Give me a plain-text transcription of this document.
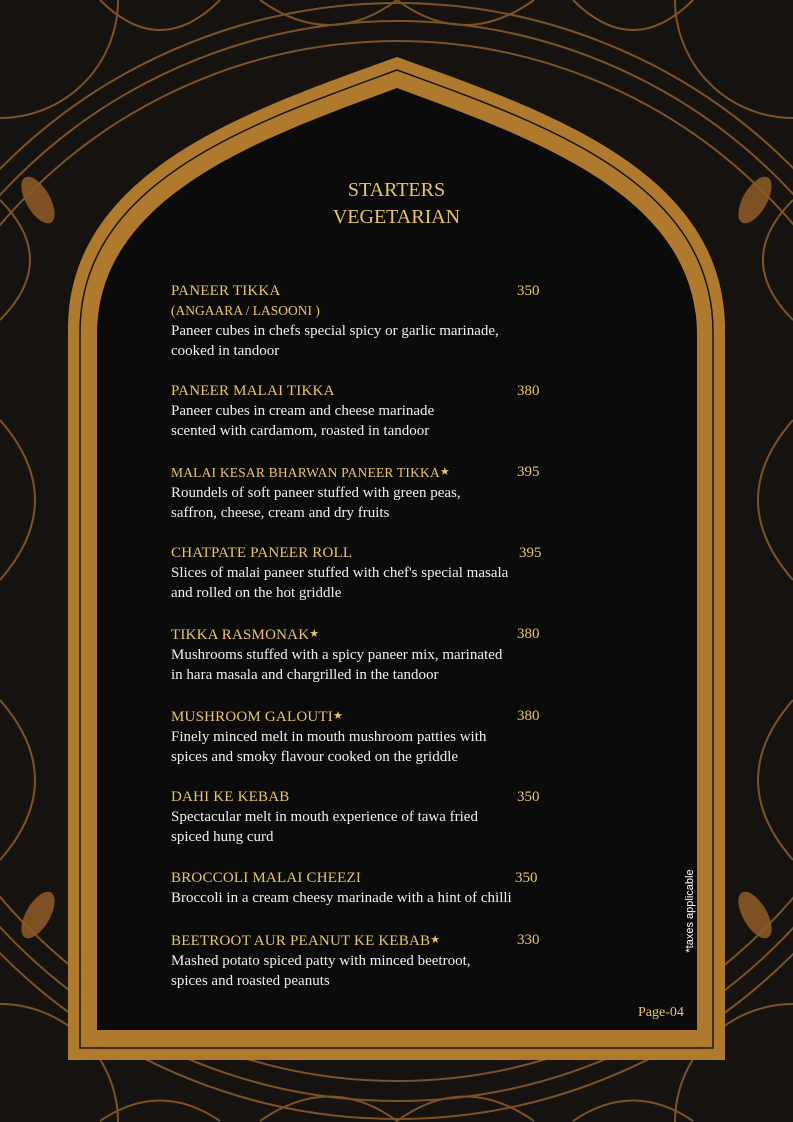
STARTERS
VEGETARIAN
PANEER TIKKA
(ANGAARA / LASOONI )
Paneer cubes in chefs special spicy or garlic marinade,
cooked in tandoor
350
PANEER MALAI TIKKA
Paneer cubes in cream and cheese marinade
scented with cardamom, roasted in tandoor
380
MALAI KESAR BHARWAN PANEER TIKKA★
Roundels of soft paneer stuffed with green peas,
saffron, cheese, cream and dry fruits
395
CHATPATE PANEER ROLL
Slices of malai paneer stuffed with chef's special masala
and rolled on the hot griddle
395
TIKKA RASMONAK★
Mushrooms stuffed with a spicy paneer mix, marinated
in hara masala and chargrilled in the tandoor
380
MUSHROOM GALOUTI★
Finely minced melt in mouth mushroom patties with
spices and smoky flavour cooked on the griddle
380
DAHI KE KEBAB
Spectacular melt in mouth experience of tawa fried
spiced hung curd
350
BROCCOLI MALAI CHEEZI
Broccoli in a cream cheesy marinade with a hint of chilli
350
BEETROOT AUR PEANUT KE KEBAB★
Mashed potato spiced patty with minced beetroot,
spices and roasted peanuts
330	*taxes applicable
Page-04
